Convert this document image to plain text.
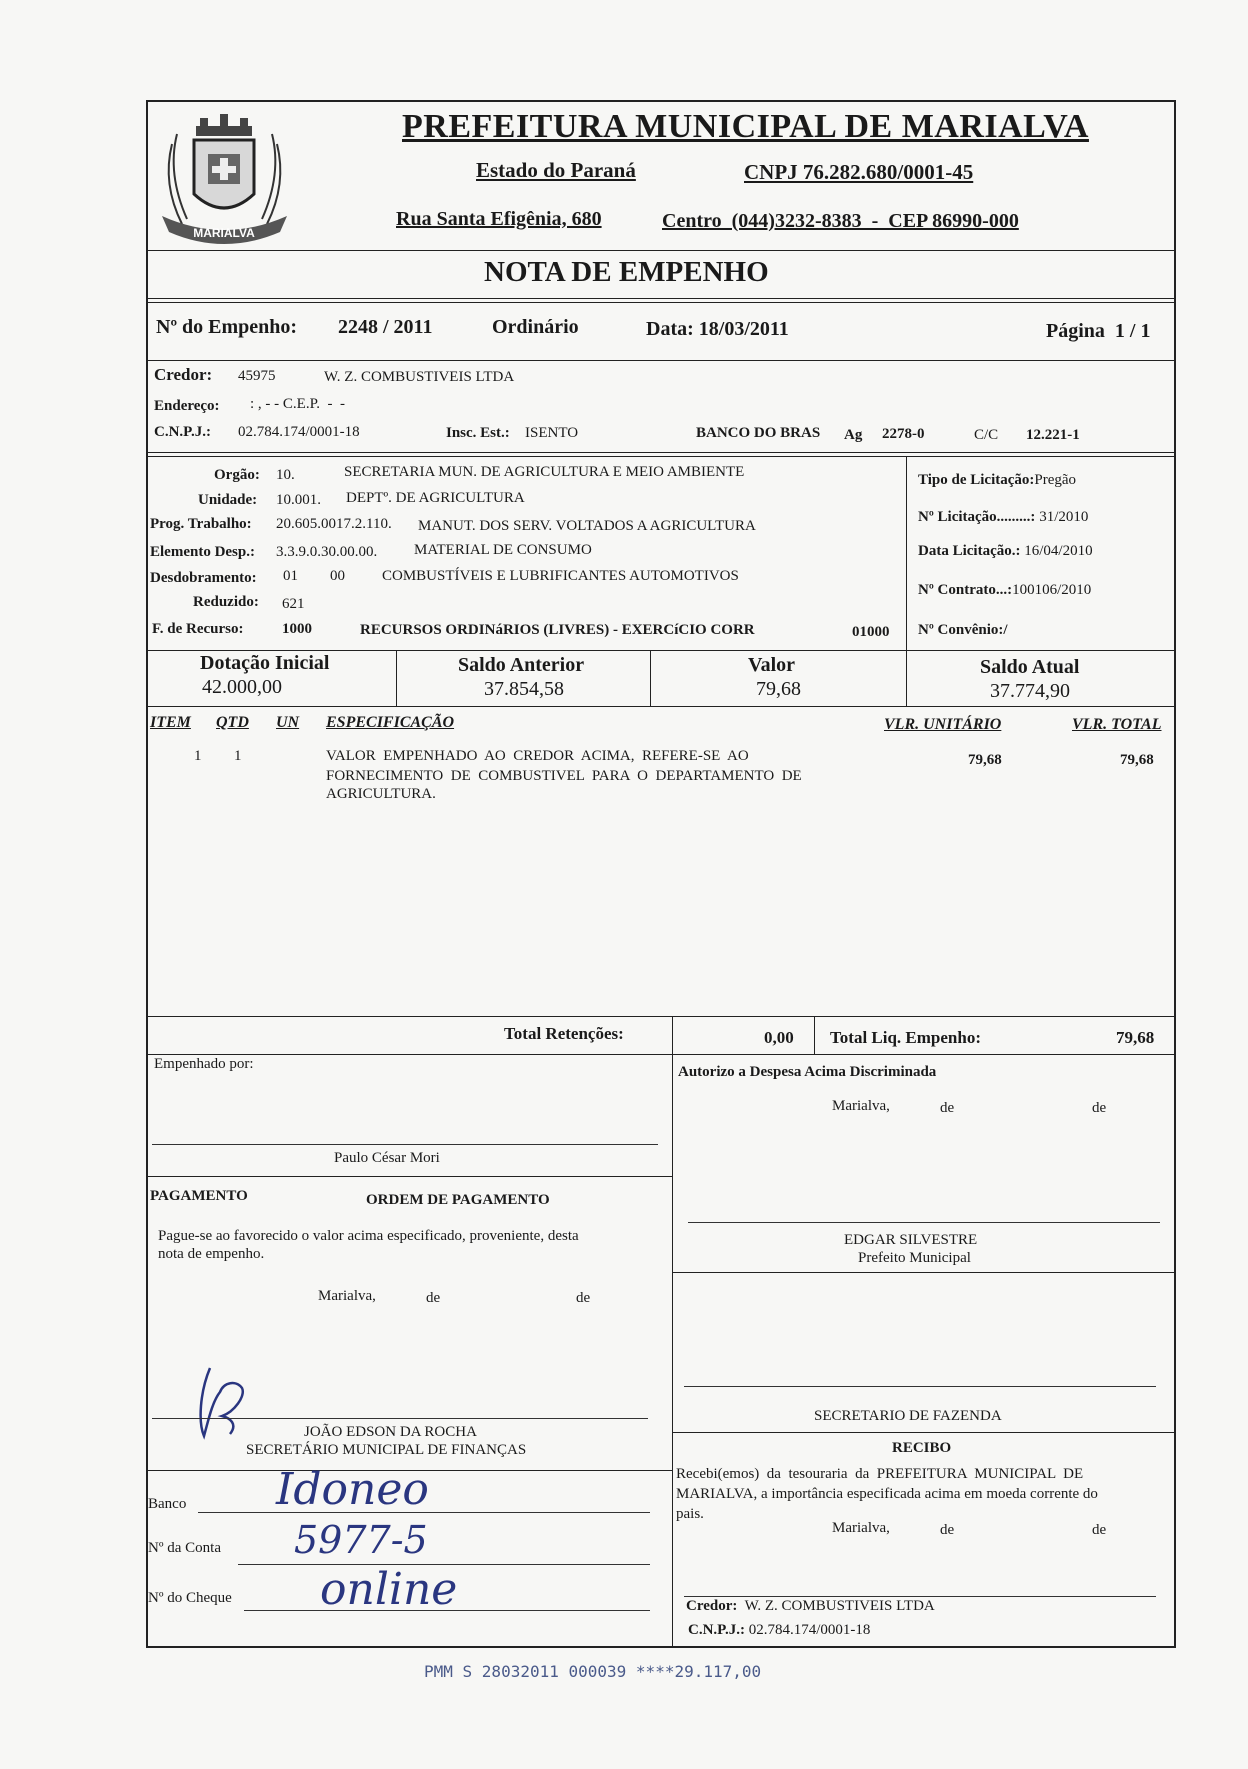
MARIALVA
PREFEITURA MUNICIPAL DE MARIALVA
Estado do Paraná	CNPJ 76.282.680/0001-45
Rua Santa Efigênia, 680	Centro  (044)3232-8383  -  CEP 86990-000
NOTA DE EMPENHO
Nº do Empenho: 2248 / 2011	Ordinário	Data: 18/03/2011	Página  1 / 1
Credor: 45975	W. Z. COMBUSTIVEIS LTDA
Endereço: : , - - C.E.P.  -  -
C.N.P.J.: 02.784.174/0001-18	Insc. Est.: ISENTO	BANCO DO BRAS Ag 2278-0	C/C 12.221-1
Orgão: 10.	SECRETARIA MUN. DE AGRICULTURA E MEIO AMBIENTE
Unidade: 10.001. DEPTº. DE AGRICULTURA
Prog. Trabalho: 20.605.0017.2.110. MANUT. DOS SERV. VOLTADOS A AGRICULTURA
Elemento Desp.: 3.3.9.0.30.00.00. MATERIAL DE CONSUMO
Desdobramento: 01 00 COMBUSTÍVEIS E LUBRIFICANTES AUTOMOTIVOS
Reduzido: 621
F. de Recurso:	1000	RECURSOS ORDINáRIOS (LIVRES) - EXERCíCIO CORR	01000
Tipo de Licitação:Pregão
Nº Licitação.........: 31/2010
Data Licitação.: 16/04/2010
Nº Contrato...:100106/2010
Nº Convênio:/
Dotação Inicial
42.000,00
Saldo Anterior
37.854,58
Valor
79,68
Saldo Atual
37.774,90
ITEM QTD UN ESPECIFICAÇÃO	VLR. UNITÁRIO	VLR. TOTAL
1 1	VALOR  EMPENHADO  AO  CREDOR  ACIMA,  REFERE-SE  AO
FORNECIMENTO  DE  COMBUSTIVEL  PARA  O  DEPARTAMENTO  DE
AGRICULTURA.
79,68	79,68
Total Retenções:	0,00 Total Liq. Empenho:	79,68
Empenhado por:
Paulo César Mori
PAGAMENTO	ORDEM DE PAGAMENTO
Pague-se ao favorecido o valor acima especificado, proveniente, desta
nota de empenho.
Marialva,	de	de
JOÃO EDSON DA ROCHA
SECRETÁRIO MUNICIPAL DE FINANÇAS
Banco Idoneo
Nº da Conta 5977-5
Nº do Cheque online
Autorizo a Despesa Acima Discriminada
Marialva,	de	de
EDGAR SILVESTRE
Prefeito Municipal
SECRETARIO DE FAZENDA
RECIBO
Recebi(emos)  da  tesouraria  da  PREFEITURA  MUNICIPAL  DE
MARIALVA, a importância especificada acima em moeda corrente do
pais.
Marialva,	de	de
Credor: W. Z. COMBUSTIVEIS LTDA
C.N.P.J.: 02.784.174/0001-18
PMM S 28032011 000039 ****29.117,00
